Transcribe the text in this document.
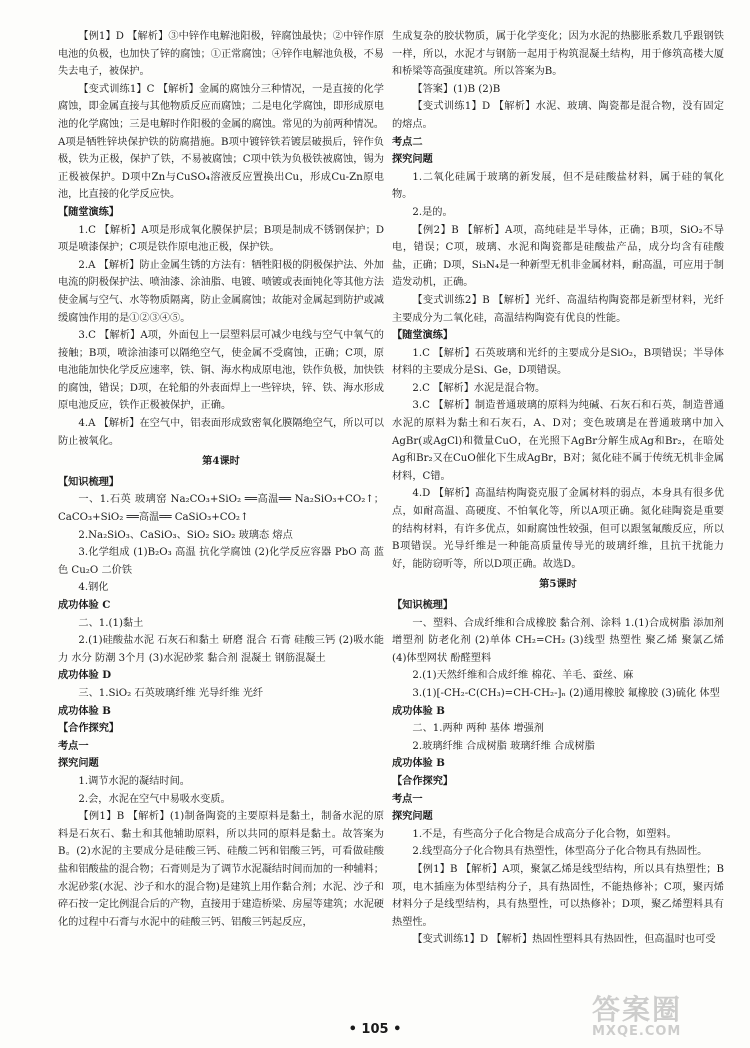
【例1】D 【解析】③中锌作电解池阳极，锌腐蚀最快；②中锌作原电池的负极，也加快了锌的腐蚀；①正常腐蚀；④锌作电解池负极，不易失去电子，被保护。
【变式训练1】C 【解析】金属的腐蚀分三种情况，一是直接的化学腐蚀，即金属直接与其他物质反应而腐蚀；二是电化学腐蚀，即形成原电池的化学腐蚀；三是电解时作阳极的金属的腐蚀。常见的为前两种情况。A项是牺牲锌块保护铁的防腐措施。B项中镀锌铁若镀层破损后，锌作负极，铁为正极，保护了铁，不易被腐蚀；C项中铁为负极铁被腐蚀，锡为正极被保护。D项中Zn与CuSO₄溶液反应置换出Cu，形成Cu-Zn原电池，比直接的化学反应快。
【随堂演练】
1.C 【解析】A项是形成氧化膜保护层；B项是制成不锈钢保护；D项是喷漆保护；C项是铁作原电池正极，保护铁。
2.A 【解析】防止金属生锈的方法有：牺牲阳极的阴极保护法、外加电流的阴极保护法、喷油漆、涂油脂、电镀、喷镀或表面钝化等其他方法使金属与空气、水等物质隔离，防止金属腐蚀；故能对金属起到防护或减缓腐蚀作用的是①②③④⑤。
3.C 【解析】A项，外面包上一层塑料层可减少电线与空气中氧气的接触；B项，喷涂油漆可以隔绝空气，使金属不受腐蚀，正确；C项，原电池能加快化学反应速率，铁、铜、海水构成原电池，铁作负极，加快铁的腐蚀，错误；D项，在轮船的外表面焊上一些锌块，锌、铁、海水形成原电池反应，铁作正极被保护，正确。
4.A 【解析】在空气中，铝表面形成致密氧化膜隔绝空气，所以可以防止被氧化。
第4课时
【知识梳理】
一、1.石英 玻璃窑 Na₂CO₃+SiO₂ ══高温══ Na₂SiO₃+CO₂↑；CaCO₃+SiO₂ ══高温══ CaSiO₃+CO₂↑
2.Na₂SiO₃、CaSiO₃、SiO₂ SiO₂ 玻璃态 熔点
3.化学组成 (1)B₂O₃ 高温 抗化学腐蚀 (2)化学反应容器 PbO 高 蓝色 Cu₂O 二价铁
4.钢化
成功体验 C
二、1.(1)黏土
2.(1)硅酸盐水泥 石灰石和黏土 研磨 混合 石膏 硅酸三钙 (2)吸水能力 水分 防潮 3个月 (3)水泥砂浆 黏合剂 混凝土 钢筋混凝土
成功体验 D
三、1.SiO₂ 石英玻璃纤维 光导纤维 光纤
成功体验 B
【合作探究】
考点一
探究问题
1.调节水泥的凝结时间。
2.会，水泥在空气中易吸水变质。
【例1】B 【解析】(1)制备陶瓷的主要原料是黏土，制备水泥的原料是石灰石、黏土和其他辅助原料，所以共同的原料是黏土。故答案为B。(2)水泥的主要成分是硅酸三钙、硅酸二钙和铝酸三钙，可看做硅酸盐和铝酸盐的混合物；石膏则是为了调节水泥凝结时间而加的一种辅料；水泥砂浆(水泥、沙子和水的混合物)是建筑上用作黏合剂；水泥、沙子和碎石按一定比例混合后的产物，直接用于建造桥梁、房屋等建筑；水泥硬化的过程中石膏与水泥中的硅酸三钙、铝酸三钙起反应，
生成复杂的胶状物质，属于化学变化；因为水泥的热膨胀系数几乎跟钢铁一样，所以，水泥才与钢筋一起用于构筑混凝土结构，用于修筑高楼大厦和桥梁等高强度建筑。所以答案为B。
【答案】(1)B (2)B
【变式训练1】D 【解析】水泥、玻璃、陶瓷都是混合物，没有固定的熔点。
考点二
探究问题
1.二氧化硅属于玻璃的新发展，但不是硅酸盐材料，属于硅的氧化物。
2.是的。
【例2】B 【解析】A项，高纯硅是半导体，正确；B项，SiO₂不导电，错误；C项，玻璃、水泥和陶瓷都是硅酸盐产品，成分均含有硅酸盐，正确；D项，Si₃N₄是一种新型无机非金属材料，耐高温，可应用于制造发动机，正确。
【变式训练2】B 【解析】光纤、高温结构陶瓷都是新型材料，光纤主要成分为二氧化硅，高温结构陶瓷有优良的性能。
【随堂演练】
1.C 【解析】石英玻璃和光纤的主要成分是SiO₂，B项错误；半导体材料的主要成分是Si、Ge，D项错误。
2.C 【解析】水泥是混合物。
3.C 【解析】制造普通玻璃的原料为纯碱、石灰石和石英，制造普通水泥的原料为黏土和石灰石，A、D对；变色玻璃是在普通玻璃中加入AgBr(或AgCl)和微量CuO，在光照下AgBr分解生成Ag和Br₂，在暗处Ag和Br₂又在CuO催化下生成AgBr，B对；氮化硅不属于传统无机非金属材料，C错。
4.D 【解析】高温结构陶瓷克服了金属材料的弱点，本身具有很多优点，如耐高温、高硬度、不怕氧化等，所以A项正确。氮化硅陶瓷是重要的结构材料，有许多优点，如耐腐蚀性较强，但可以跟氢氟酸反应，所以B项错误。光导纤维是一种能高质量传导光的玻璃纤维，且抗干扰能力好，能防窃听等，所以D项正确。故选D。
第5课时
【知识梳理】
一、塑料、合成纤维和合成橡胶 黏合剂、涂料 1.(1)合成树脂 添加剂 增塑剂 防老化剂 (2)单体 CH₂=CH₂ (3)线型 热塑性 聚乙烯 聚氯乙烯 (4)体型网状 酚醛塑料
2.(1)天然纤维和合成纤维 棉花、羊毛、蚕丝、麻
3.(1)[-CH₂-C(CH₃)=CH-CH₂-]ₙ (2)通用橡胶 氟橡胶 (3)硫化 体型
成功体验 B
二、1.两种 两种 基体 增强剂
2.玻璃纤维 合成树脂 玻璃纤维 合成树脂
成功体验 B
【合作探究】
考点一
探究问题
1.不是，有些高分子化合物是合成高分子化合物，如塑料。
2.线型高分子化合物具有热塑性，体型高分子化合物具有热固性。
【例1】B 【解析】A项，聚氯乙烯是线型结构，所以具有热塑性；B项，电木插座为体型结构分子，具有热固性，不能热修补；C项，聚丙烯材料分子是线型结构，具有热塑性，可以热修补；D项，聚乙烯塑料具有热塑性。
【变式训练1】D 【解析】热固性塑料具有热固性，但高温时也可受
• 105 •
答案圈
MXQE.COM
